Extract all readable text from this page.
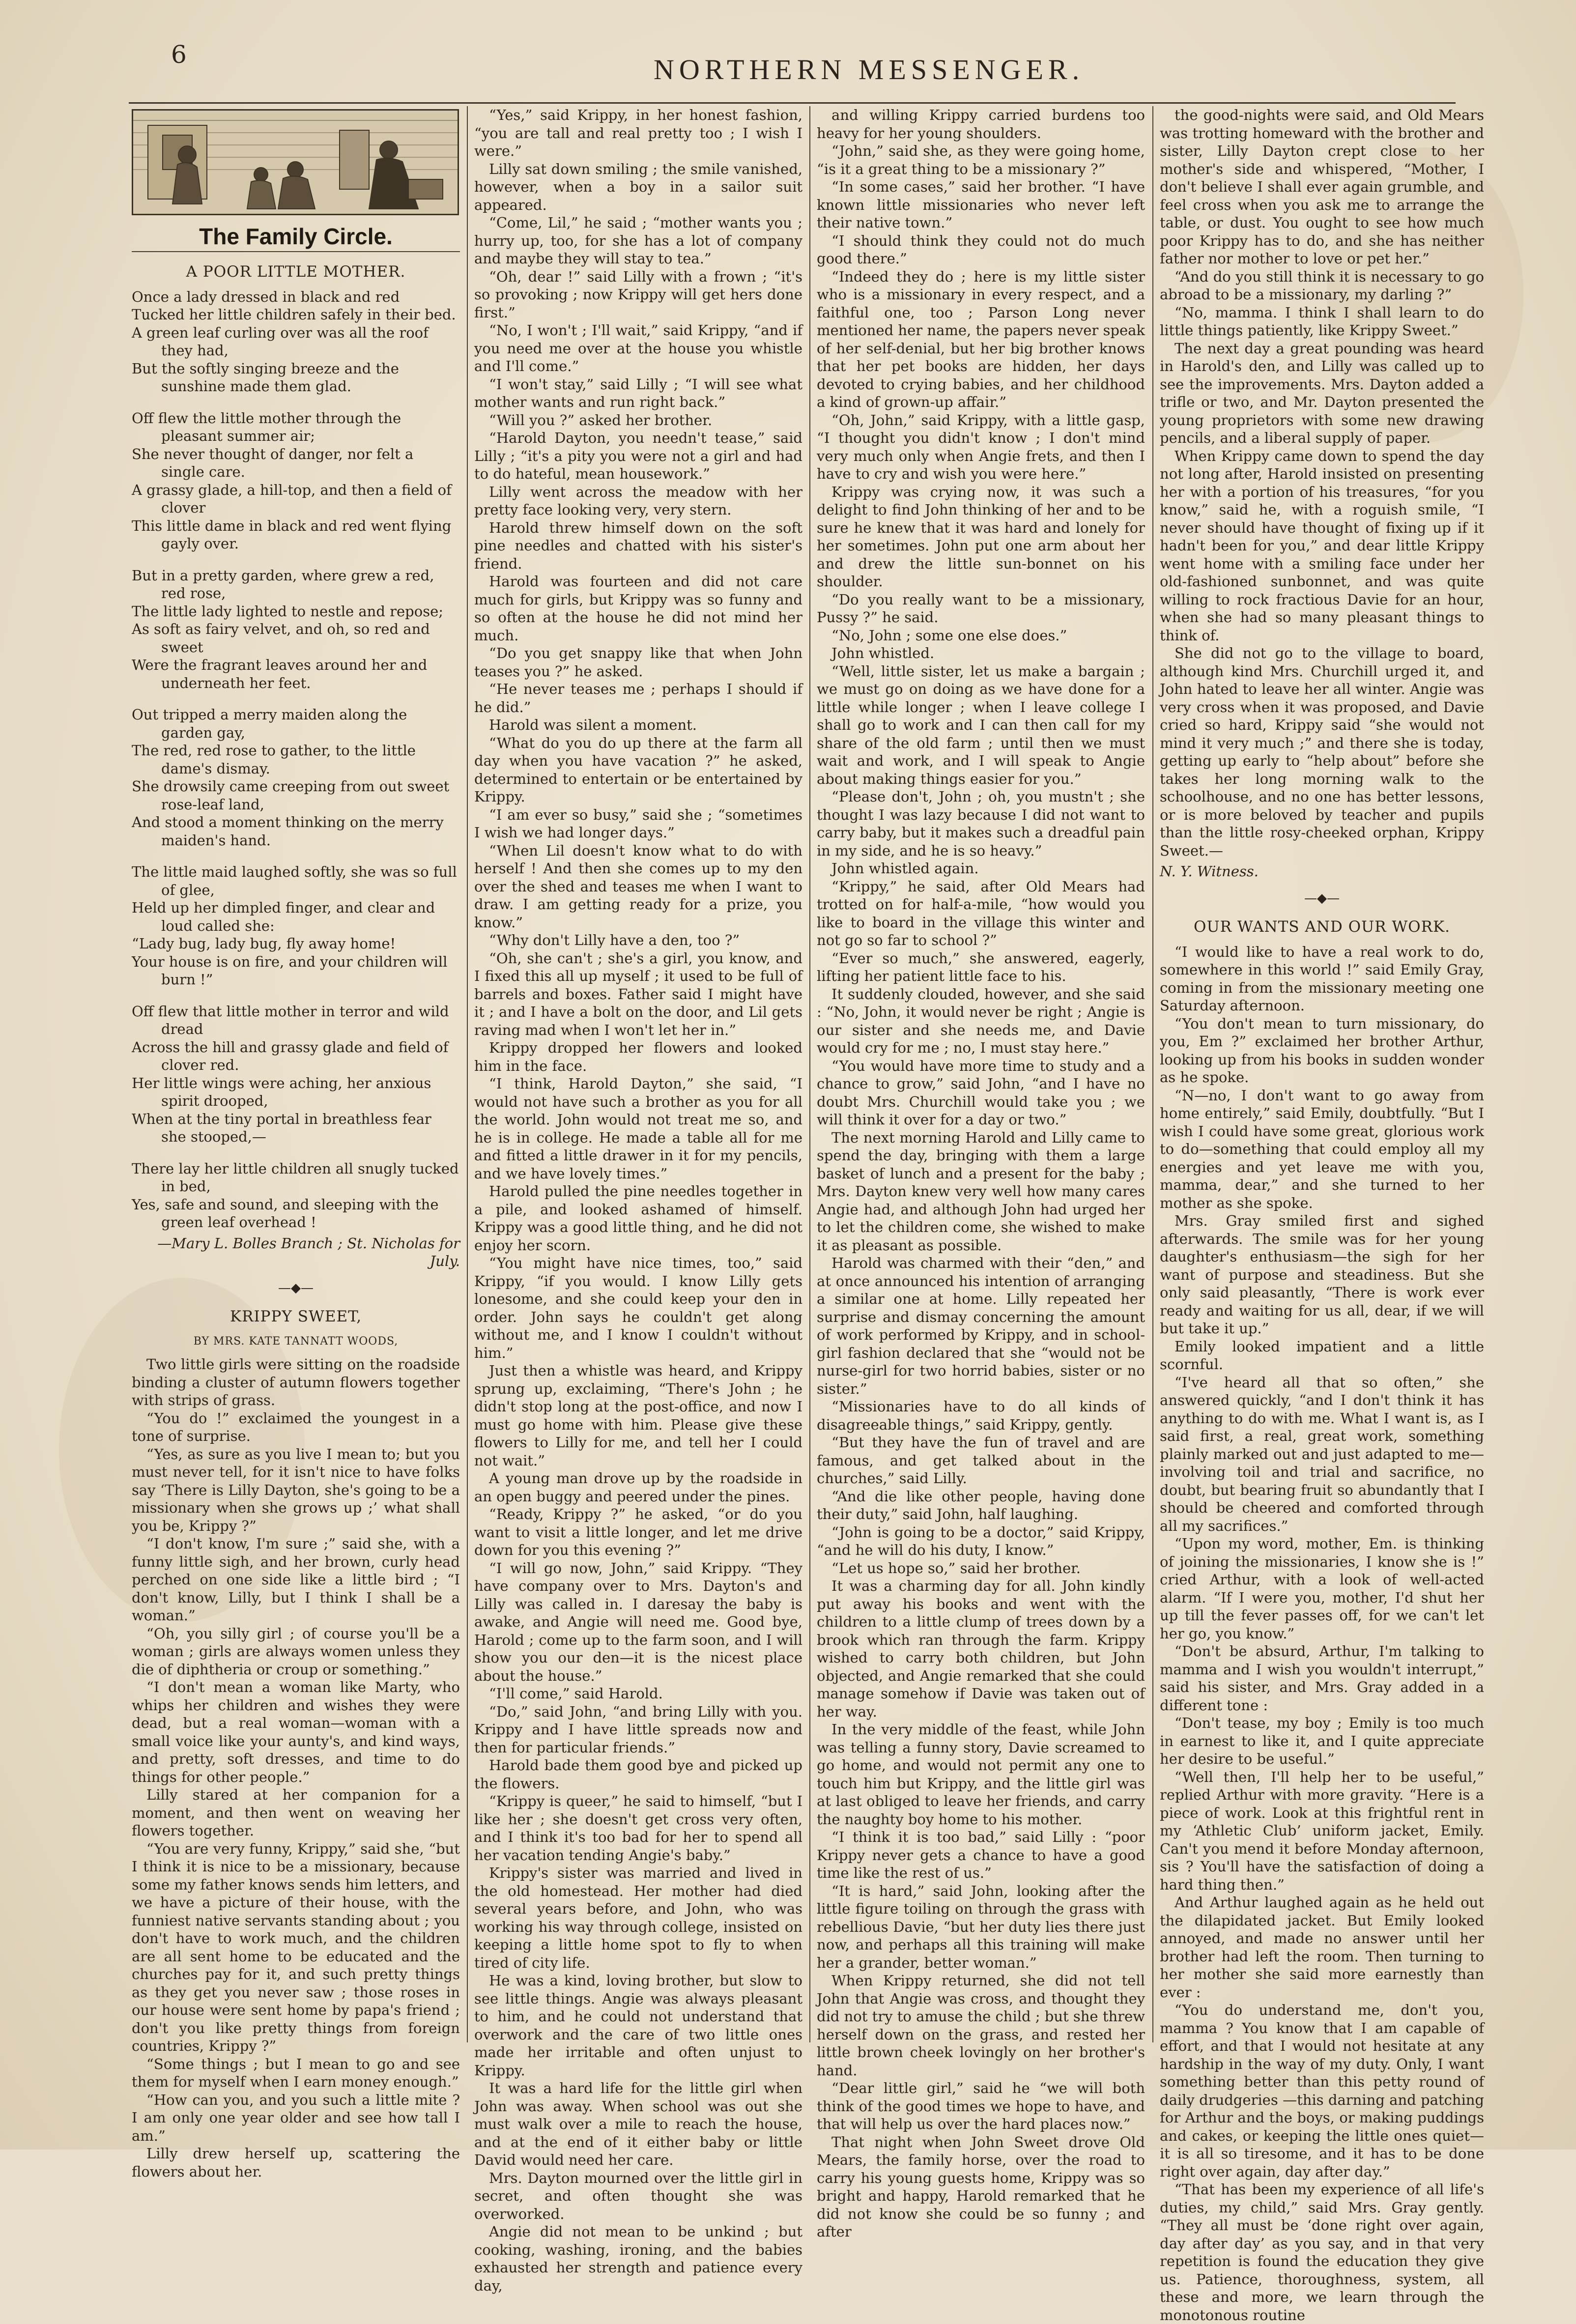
6	NORTHERN MESSENGER.
The Family Circle.
A POOR LITTLE MOTHER.

Once a lady dressed in black and red

Tucked her little children safely in their bed.

A green leaf curling over was all the roof they had,

But the softly singing breeze and the sunshine made them glad.

Off flew the little mother through the pleasant summer air;

She never thought of danger, nor felt a single care.

A grassy glade, a hill-top, and then a field of clover

This little dame in black and red went flying gayly over.

But in a pretty garden, where grew a red, red rose,

The little lady lighted to nestle and repose;

As soft as fairy velvet, and oh, so red and sweet

Were the fragrant leaves around her and underneath her feet.

Out tripped a merry maiden along the garden gay,

The red, red rose to gather, to the little dame's dismay.

She drowsily came creeping from out sweet rose-leaf land,

And stood a moment thinking on the merry maiden's hand.

The little maid laughed softly, she was so full of glee,

Held up her dimpled finger, and clear and loud called she:

“Lady bug, lady bug, fly away home!

Your house is on fire, and your children will burn !”

Off flew that little mother in terror and wild dread

Across the hill and grassy glade and field of clover red.

Her little wings were aching, her anxious spirit drooped,

When at the tiny portal in breathless fear she stooped,—

There lay her little children all snugly tucked in bed,

Yes, safe and sound, and sleeping with the green leaf overhead !

—Mary L. Bolles Branch ; St. Nicholas for July.
—◆—
KRIPPY SWEET,
BY MRS. KATE TANNATT WOODS,

Two little girls were sitting on the roadside binding a cluster of autumn flowers together with strips of grass.

“You do !” exclaimed the youngest in a tone of surprise.

“Yes, as sure as you live I mean to; but you must never tell, for it isn't nice to have folks say ‘There is Lilly Dayton, she's going to be a missionary when she grows up ;’ what shall you be, Krippy ?”

“I don't know, I'm sure ;” said she, with a funny little sigh, and her brown, curly head perched on one side like a little bird ; “I don't know, Lilly, but I think I shall be a woman.”

“Oh, you silly girl ; of course you'll be a woman ; girls are always women unless they die of diphtheria or croup or something.”

“I don't mean a woman like Marty, who whips her children and wishes they were dead, but a real woman—woman with a small voice like your aunty's, and kind ways, and pretty, soft dresses, and time to do things for other people.”

Lilly stared at her companion for a moment, and then went on weaving her flowers together.

“You are very funny, Krippy,” said she, “but I think it is nice to be a missionary, because some my father knows sends him letters, and we have a picture of their house, with the funniest native servants standing about ; you don't have to work much, and the children are all sent home to be educated and the churches pay for it, and such pretty things as they get you never saw ; those roses in our house were sent home by papa's friend ; don't you like pretty things from foreign countries, Krippy ?”

“Some things ; but I mean to go and see them for myself when I earn money enough.”

“How can you, and you such a little mite ? I am only one year older and see how tall I am.”

Lilly drew herself up, scattering the flowers about her.

“Yes,” said Krippy, in her honest fashion, “you are tall and real pretty too ; I wish I were.”

Lilly sat down smiling ; the smile vanished, however, when a boy in a sailor suit appeared.

“Come, Lil,” he said ; “mother wants you ; hurry up, too, for she has a lot of company and maybe they will stay to tea.”

“Oh, dear !” said Lilly with a frown ; “it's so provoking ; now Krippy will get hers done first.”

“No, I won't ; I'll wait,” said Krippy, “and if you need me over at the house you whistle and I'll come.”

“I won't stay,” said Lilly ; “I will see what mother wants and run right back.”

“Will you ?” asked her brother.

“Harold Dayton, you needn't tease,” said Lilly ; “it's a pity you were not a girl and had to do hateful, mean housework.”

Lilly went across the meadow with her pretty face looking very, very stern.

Harold threw himself down on the soft pine needles and chatted with his sister's friend.

Harold was fourteen and did not care much for girls, but Krippy was so funny and so often at the house he did not mind her much.

“Do you get snappy like that when John teases you ?” he asked.

“He never teases me ; perhaps I should if he did.”

Harold was silent a moment.

“What do you do up there at the farm all day when you have vacation ?” he asked, determined to entertain or be entertained by Krippy.

“I am ever so busy,” said she ; “sometimes I wish we had longer days.”

“When Lil doesn't know what to do with herself ! And then she comes up to my den over the shed and teases me when I want to draw. I am getting ready for a prize, you know.”

“Why don't Lilly have a den, too ?”

“Oh, she can't ; she's a girl, you know, and I fixed this all up myself ; it used to be full of barrels and boxes. Father said I might have it ; and I have a bolt on the door, and Lil gets raving mad when I won't let her in.”

Krippy dropped her flowers and looked him in the face.

“I think, Harold Dayton,” she said, “I would not have such a brother as you for all the world. John would not treat me so, and he is in college. He made a table all for me and fitted a little drawer in it for my pencils, and we have lovely times.”

Harold pulled the pine needles together in a pile, and looked ashamed of himself. Krippy was a good little thing, and he did not enjoy her scorn.

“You might have nice times, too,” said Krippy, “if you would. I know Lilly gets lonesome, and she could keep your den in order. John says he couldn't get along without me, and I know I couldn't without him.”

Just then a whistle was heard, and Krippy sprung up, exclaiming, “There's John ; he didn't stop long at the post-office, and now I must go home with him. Please give these flowers to Lilly for me, and tell her I could not wait.”

A young man drove up by the roadside in an open buggy and peered under the pines.

“Ready, Krippy ?” he asked, “or do you want to visit a little longer, and let me drive down for you this evening ?”

“I will go now, John,” said Krippy. “They have company over to Mrs. Dayton's and Lilly was called in. I daresay the baby is awake, and Angie will need me. Good bye, Harold ; come up to the farm soon, and I will show you our den—it is the nicest place about the house.”

“I'll come,” said Harold.

“Do,” said John, “and bring Lilly with you. Krippy and I have little spreads now and then for particular friends.”

Harold bade them good bye and picked up the flowers.

“Krippy is queer,” he said to himself, “but I like her ; she doesn't get cross very often, and I think it's too bad for her to spend all her vacation tending Angie's baby.”

Krippy's sister was married and lived in the old homestead. Her mother had died several years before, and John, who was working his way through college, insisted on keeping a little home spot to fly to when tired of city life.

He was a kind, loving brother, but slow to see little things. Angie was always pleasant to him, and he could not understand that overwork and the care of two little ones made her irritable and often unjust to Krippy.

It was a hard life for the little girl when John was away. When school was out she must walk over a mile to reach the house, and at the end of it either baby or little David would need her care.

Mrs. Dayton mourned over the little girl in secret, and often thought she was overworked.

Angie did not mean to be unkind ; but cooking, washing, ironing, and the babies exhausted her strength and patience every day,

and willing Krippy carried burdens too heavy for her young shoulders.

“John,” said she, as they were going home, “is it a great thing to be a missionary ?”

“In some cases,” said her brother. “I have known little missionaries who never left their native town.”

“I should think they could not do much good there.”

“Indeed they do ; here is my little sister who is a missionary in every respect, and a faithful one, too ; Parson Long never mentioned her name, the papers never speak of her self-denial, but her big brother knows that her pet books are hidden, her days devoted to crying babies, and her childhood a kind of grown-up affair.”

“Oh, John,” said Krippy, with a little gasp, “I thought you didn't know ; I don't mind very much only when Angie frets, and then I have to cry and wish you were here.”

Krippy was crying now, it was such a delight to find John thinking of her and to be sure he knew that it was hard and lonely for her sometimes. John put one arm about her and drew the little sun-bonnet on his shoulder.

“Do you really want to be a missionary, Pussy ?” he said.

“No, John ; some one else does.”

John whistled.

“Well, little sister, let us make a bargain ; we must go on doing as we have done for a little while longer ; when I leave college I shall go to work and I can then call for my share of the old farm ; until then we must wait and work, and I will speak to Angie about making things easier for you.”

“Please don't, John ; oh, you mustn't ; she thought I was lazy because I did not want to carry baby, but it makes such a dreadful pain in my side, and he is so heavy.”

John whistled again.

“Krippy,” he said, after Old Mears had trotted on for half-a-mile, “how would you like to board in the village this winter and not go so far to school ?”

“Ever so much,” she answered, eagerly, lifting her patient little face to his.

It suddenly clouded, however, and she said : “No, John, it would never be right ; Angie is our sister and she needs me, and Davie would cry for me ; no, I must stay here.”

“You would have more time to study and a chance to grow,” said John, “and I have no doubt Mrs. Churchill would take you ; we will think it over for a day or two.”

The next morning Harold and Lilly came to spend the day, bringing with them a large basket of lunch and a present for the baby ; Mrs. Dayton knew very well how many cares Angie had, and although John had urged her to let the children come, she wished to make it as pleasant as possible.

Harold was charmed with their “den,” and at once announced his intention of arranging a similar one at home. Lilly repeated her surprise and dismay concerning the amount of work performed by Krippy, and in school-girl fashion declared that she “would not be nurse-girl for two horrid babies, sister or no sister.”

“Missionaries have to do all kinds of disagreeable things,” said Krippy, gently.

“But they have the fun of travel and are famous, and get talked about in the churches,” said Lilly.

“And die like other people, having done their duty,” said John, half laughing.

“John is going to be a doctor,” said Krippy, “and he will do his duty, I know.”

“Let us hope so,” said her brother.

It was a charming day for all. John kindly put away his books and went with the children to a little clump of trees down by a brook which ran through the farm. Krippy wished to carry both children, but John objected, and Angie remarked that she could manage somehow if Davie was taken out of her way.

In the very middle of the feast, while John was telling a funny story, Davie screamed to go home, and would not permit any one to touch him but Krippy, and the little girl was at last obliged to leave her friends, and carry the naughty boy home to his mother.

“I think it is too bad,” said Lilly : “poor Krippy never gets a chance to have a good time like the rest of us.”

“It is hard,” said John, looking after the little figure toiling on through the grass with rebellious Davie, “but her duty lies there just now, and perhaps all this training will make her a grander, better woman.”

When Krippy returned, she did not tell John that Angie was cross, and thought they did not try to amuse the child ; but she threw herself down on the grass, and rested her little brown cheek lovingly on her brother's hand.

“Dear little girl,” said he “we will both think of the good times we hope to have, and that will help us over the hard places now.”

That night when John Sweet drove Old Mears, the family horse, over the road to carry his young guests home, Krippy was so bright and happy, Harold remarked that he did not know she could be so funny ; and after

the good-nights were said, and Old Mears was trotting homeward with the brother and sister, Lilly Dayton crept close to her mother's side and whispered, “Mother, I don't believe I shall ever again grumble, and feel cross when you ask me to arrange the table, or dust. You ought to see how much poor Krippy has to do, and she has neither father nor mother to love or pet her.”

“And do you still think it is necessary to go abroad to be a missionary, my darling ?”

“No, mamma. I think I shall learn to do little things patiently, like Krippy Sweet.”

The next day a great pounding was heard in Harold's den, and Lilly was called up to see the improvements. Mrs. Dayton added a trifle or two, and Mr. Dayton presented the young proprietors with some new drawing pencils, and a liberal supply of paper.

When Krippy came down to spend the day not long after, Harold insisted on presenting her with a portion of his treasures, “for you know,” said he, with a roguish smile, “I never should have thought of fixing up if it hadn't been for you,” and dear little Krippy went home with a smiling face under her old-fashioned sunbonnet, and was quite willing to rock fractious Davie for an hour, when she had so many pleasant things to think of.

She did not go to the village to board, although kind Mrs. Churchill urged it, and John hated to leave her all winter. Angie was very cross when it was proposed, and Davie cried so hard, Krippy said “she would not mind it very much ;” and there she is today, getting up early to “help about” before she takes her long morning walk to the schoolhouse, and no one has better lessons, or is more beloved by teacher and pupils than the little rosy-cheeked orphan, Krippy Sweet.—

N. Y. Witness.
—◆—
OUR WANTS AND OUR WORK.

“I would like to have a real work to do, somewhere in this world !” said Emily Gray, coming in from the missionary meeting one Saturday afternoon.

“You don't mean to turn missionary, do you, Em ?” exclaimed her brother Arthur, looking up from his books in sudden wonder as he spoke.

“N—no, I don't want to go away from home entirely,” said Emily, doubtfully. “But I wish I could have some great, glorious work to do—something that could employ all my energies and yet leave me with you, mamma, dear,” and she turned to her mother as she spoke.

Mrs. Gray smiled first and sighed afterwards. The smile was for her young daughter's enthusiasm—the sigh for her want of purpose and steadiness. But she only said pleasantly, “There is work ever ready and waiting for us all, dear, if we will but take it up.”

Emily looked impatient and a little scornful.

“I've heard all that so often,” she answered quickly, “and I don't think it has anything to do with me. What I want is, as I said first, a real, great work, something plainly marked out and just adapted to me—involving toil and trial and sacrifice, no doubt, but bearing fruit so abundantly that I should be cheered and comforted through all my sacrifices.”

“Upon my word, mother, Em. is thinking of joining the missionaries, I know she is !” cried Arthur, with a look of well-acted alarm. “If I were you, mother, I'd shut her up till the fever passes off, for we can't let her go, you know.”

“Don't be absurd, Arthur, I'm talking to mamma and I wish you wouldn't interrupt,” said his sister, and Mrs. Gray added in a different tone :

“Don't tease, my boy ; Emily is too much in earnest to like it, and I quite appreciate her desire to be useful.”

“Well then, I'll help her to be useful,” replied Arthur with more gravity. “Here is a piece of work. Look at this frightful rent in my ‘Athletic Club’ uniform jacket, Emily. Can't you mend it before Monday afternoon, sis ? You'll have the satisfaction of doing a hard thing then.”

And Arthur laughed again as he held out the dilapidated jacket. But Emily looked annoyed, and made no answer until her brother had left the room. Then turning to her mother she said more earnestly than ever :

“You do understand me, don't you, mamma ? You know that I am capable of effort, and that I would not hesitate at any hardship in the way of my duty. Only, I want something better than this petty round of daily drudgeries —this darning and patching for Arthur and the boys, or making puddings and cakes, or keeping the little ones quiet—it is all so tiresome, and it has to be done right over again, day after day.”

“That has been my experience of all life's duties, my child,” said Mrs. Gray gently. “They all must be ‘done right over again, day after day’ as you say, and in that very repetition is found the education they give us. Patience, thoroughness, system, all these and more, we learn through the monotonous routine
